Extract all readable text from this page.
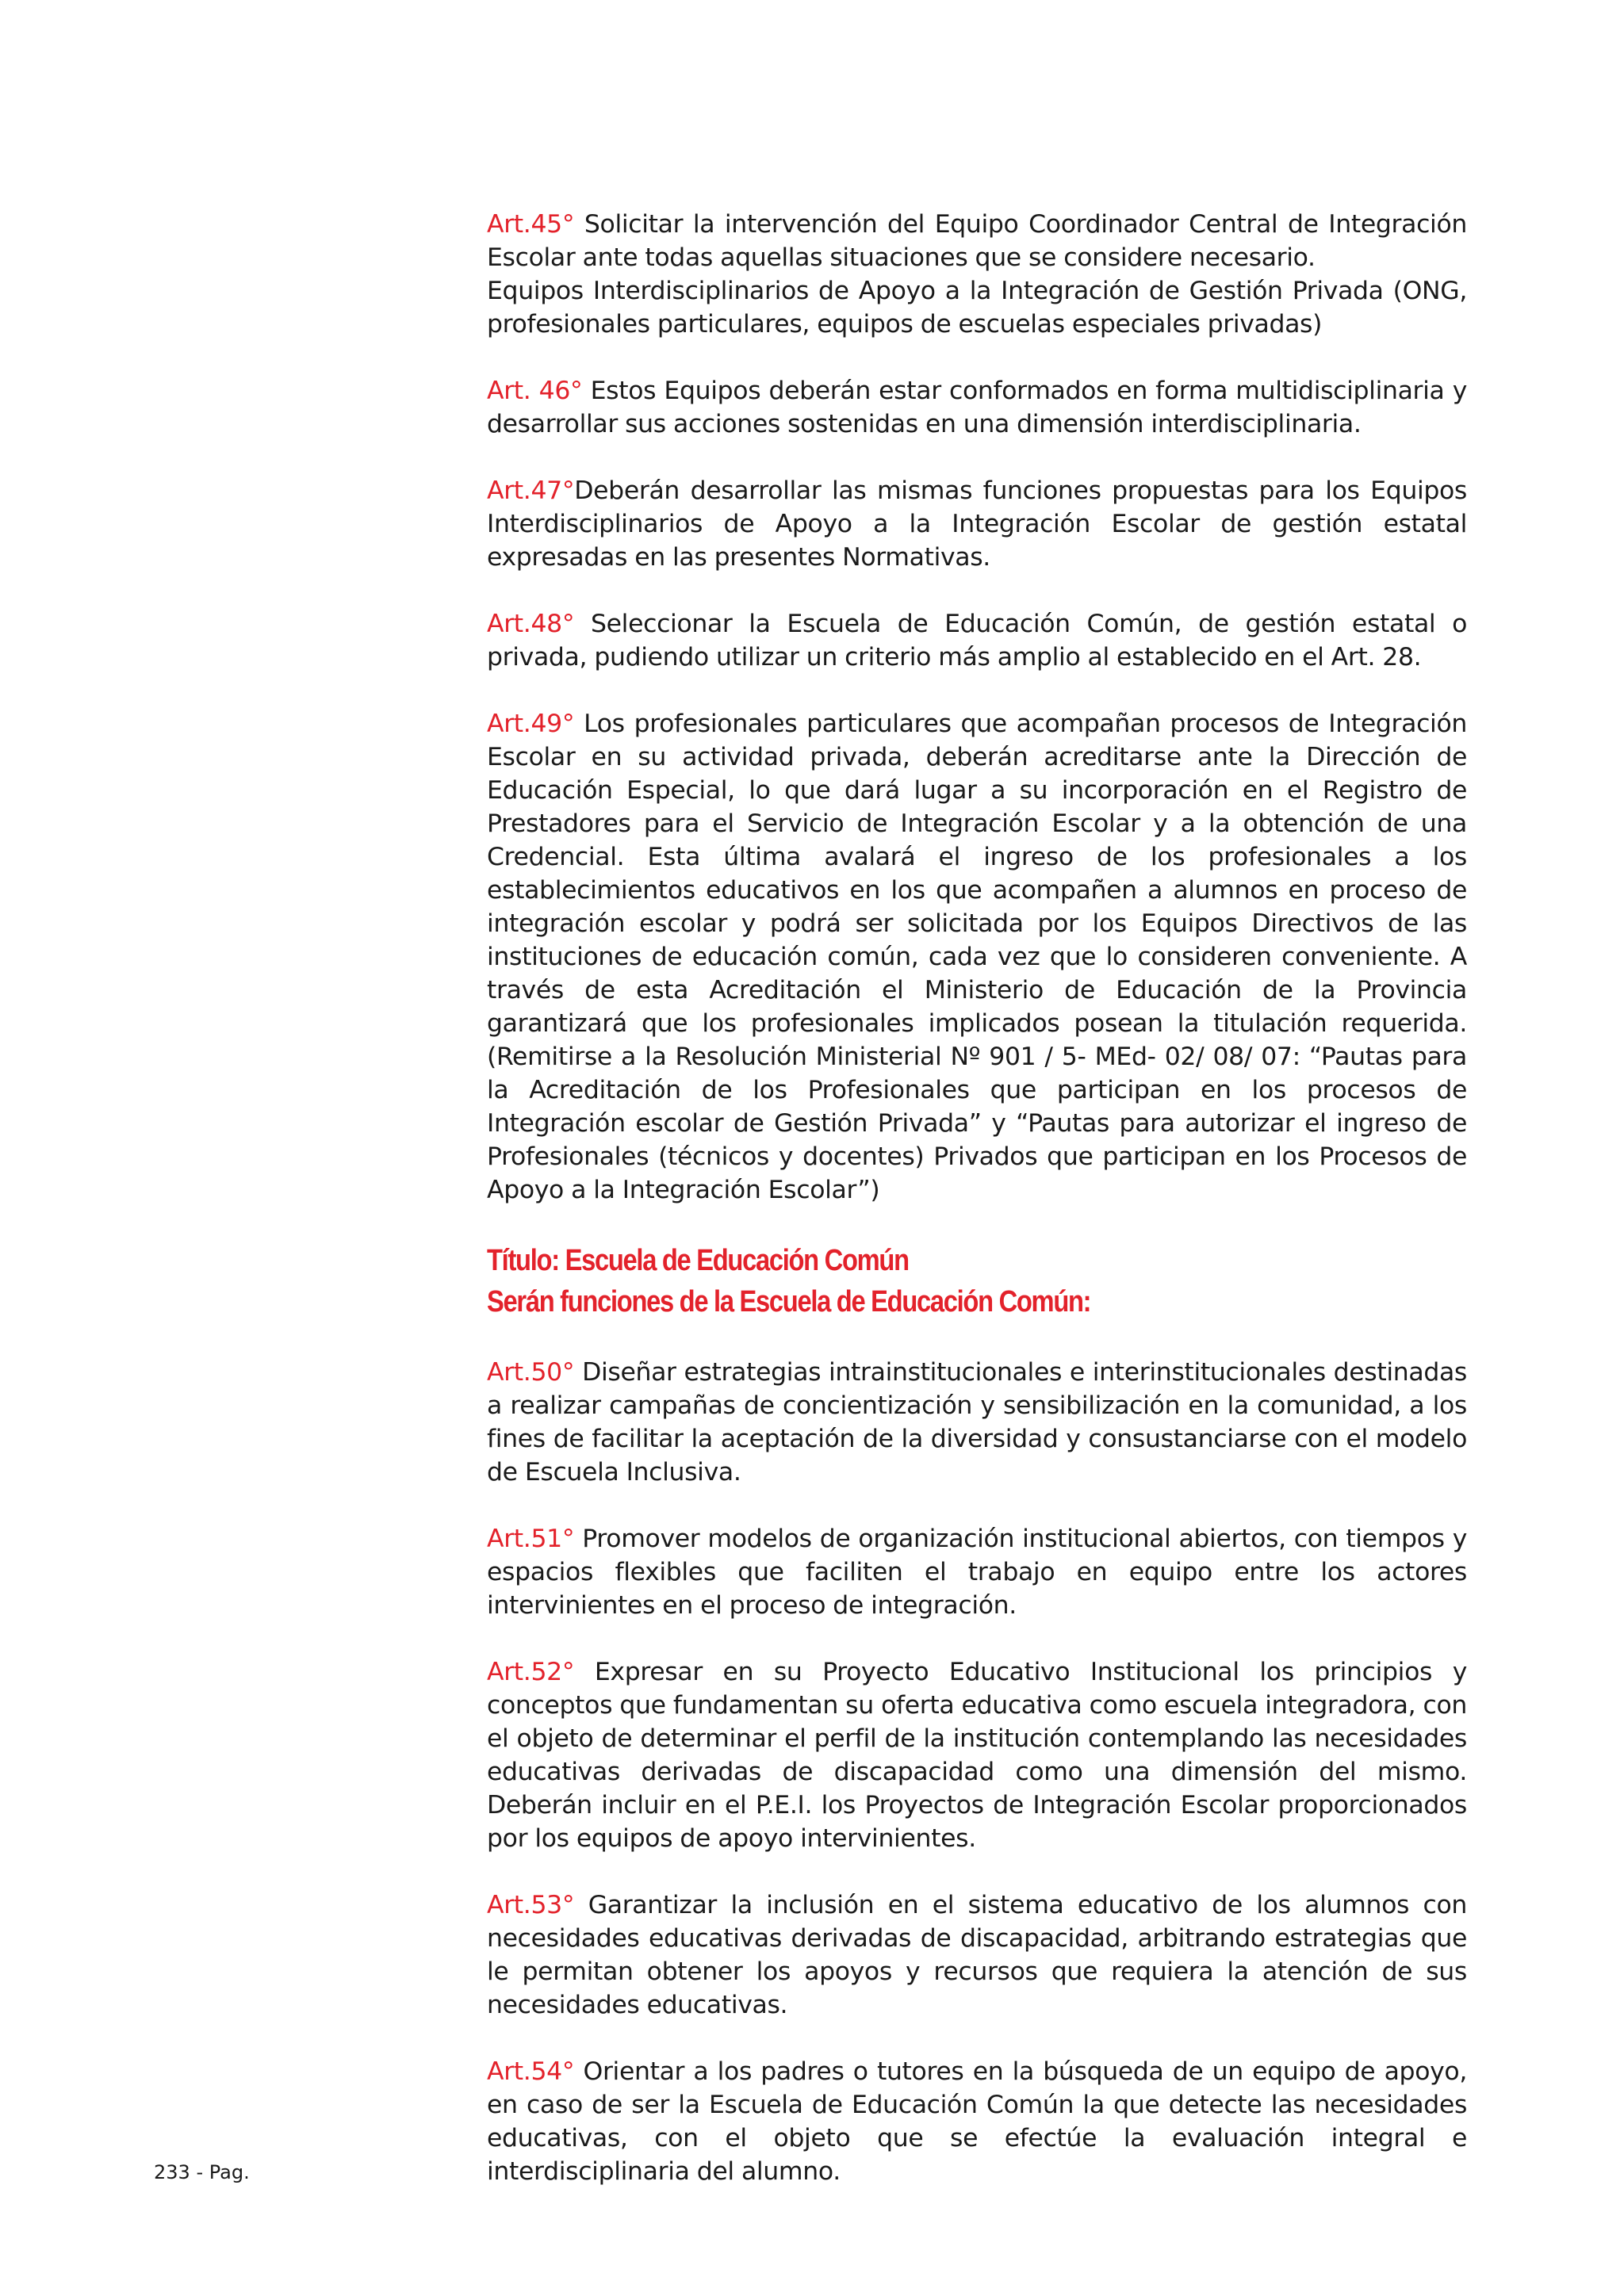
Art.45° Solicitar la intervención del Equipo Coordinador Central de Integración Escolar ante todas aquellas situaciones que se considere necesario.
Equipos Interdisciplinarios de Apoyo a la Integración de Gestión Privada (ONG, profesionales particulares, equipos de escuelas especiales privadas)

Art. 46° Estos Equipos deberán estar conformados en forma multidisciplinaria y desarrollar sus acciones sostenidas en una dimensión interdisciplinaria.

Art.47°Deberán desarrollar las mismas funciones propuestas para los Equipos Interdisciplinarios de Apoyo a la Integración Escolar de gestión estatal expresadas en las presentes Normativas.

Art.48° Seleccionar la Escuela de Educación Común, de gestión estatal o privada, pudiendo utilizar un criterio más amplio al establecido en el Art. 28.

Art.49° Los profesionales particulares que acompañan procesos de Integración Escolar en su actividad privada, deberán acreditarse ante la Dirección de Educación Especial, lo que dará lugar a su incorporación en el Registro de Prestadores para el Servicio de Integración Escolar y a la obtención de una Credencial. Esta última avalará el ingreso de los profesionales a los establecimientos educativos en los que acompañen a alumnos en proceso de integración escolar y podrá ser solicitada por los Equipos Directivos de las instituciones de educación común, cada vez que lo consideren conveniente. A través de esta Acreditación el Ministerio de Educación de la Provincia garantizará que los profesionales implicados posean la titulación requerida. (Remitirse a la Resolución Ministerial Nº 901 / 5- MEd- 02/ 08/ 07: “Pautas para la Acreditación de los Profesionales que participan en los procesos de Integración escolar de Gestión Privada” y “Pautas para autorizar el ingreso de Profesionales (técnicos y docentes) Privados que participan en los Procesos de Apoyo a la Integración Escolar”)

Título: Escuela de Educación Común
Serán funciones de la Escuela de Educación Común:

Art.50° Diseñar estrategias intrainstitucionales e interinstitucionales destinadas a realizar campañas de concientización y sensibilización en la comunidad, a los fines de facilitar la aceptación de la diversidad y consustanciarse con el modelo de Escuela Inclusiva.

Art.51° Promover modelos de organización institucional abiertos, con tiempos y espacios flexibles que faciliten el trabajo en equipo entre los actores intervinientes en el proceso de integración.

Art.52° Expresar en su Proyecto Educativo Institucional los principios y conceptos que fundamentan su oferta educativa como escuela integradora, con el objeto de determinar el perfil de la institución contemplando las necesidades educativas derivadas de discapacidad como una dimensión del mismo. Deberán incluir en el P.E.I. los Proyectos de Integración Escolar proporcionados por los equipos de apoyo intervinientes.

Art.53° Garantizar la inclusión en el sistema educativo de los alumnos con necesidades educativas derivadas de discapacidad, arbitrando estrategias que le permitan obtener los apoyos y recursos que requiera la atención de sus necesidades educativas.

Art.54° Orientar a los padres o tutores en la búsqueda de un equipo de apoyo, en caso de ser la Escuela de Educación Común la que detecte las necesidades educativas, con el objeto que se efectúe la evaluación integral e interdisciplinaria del alumno.

233 - Pag.
